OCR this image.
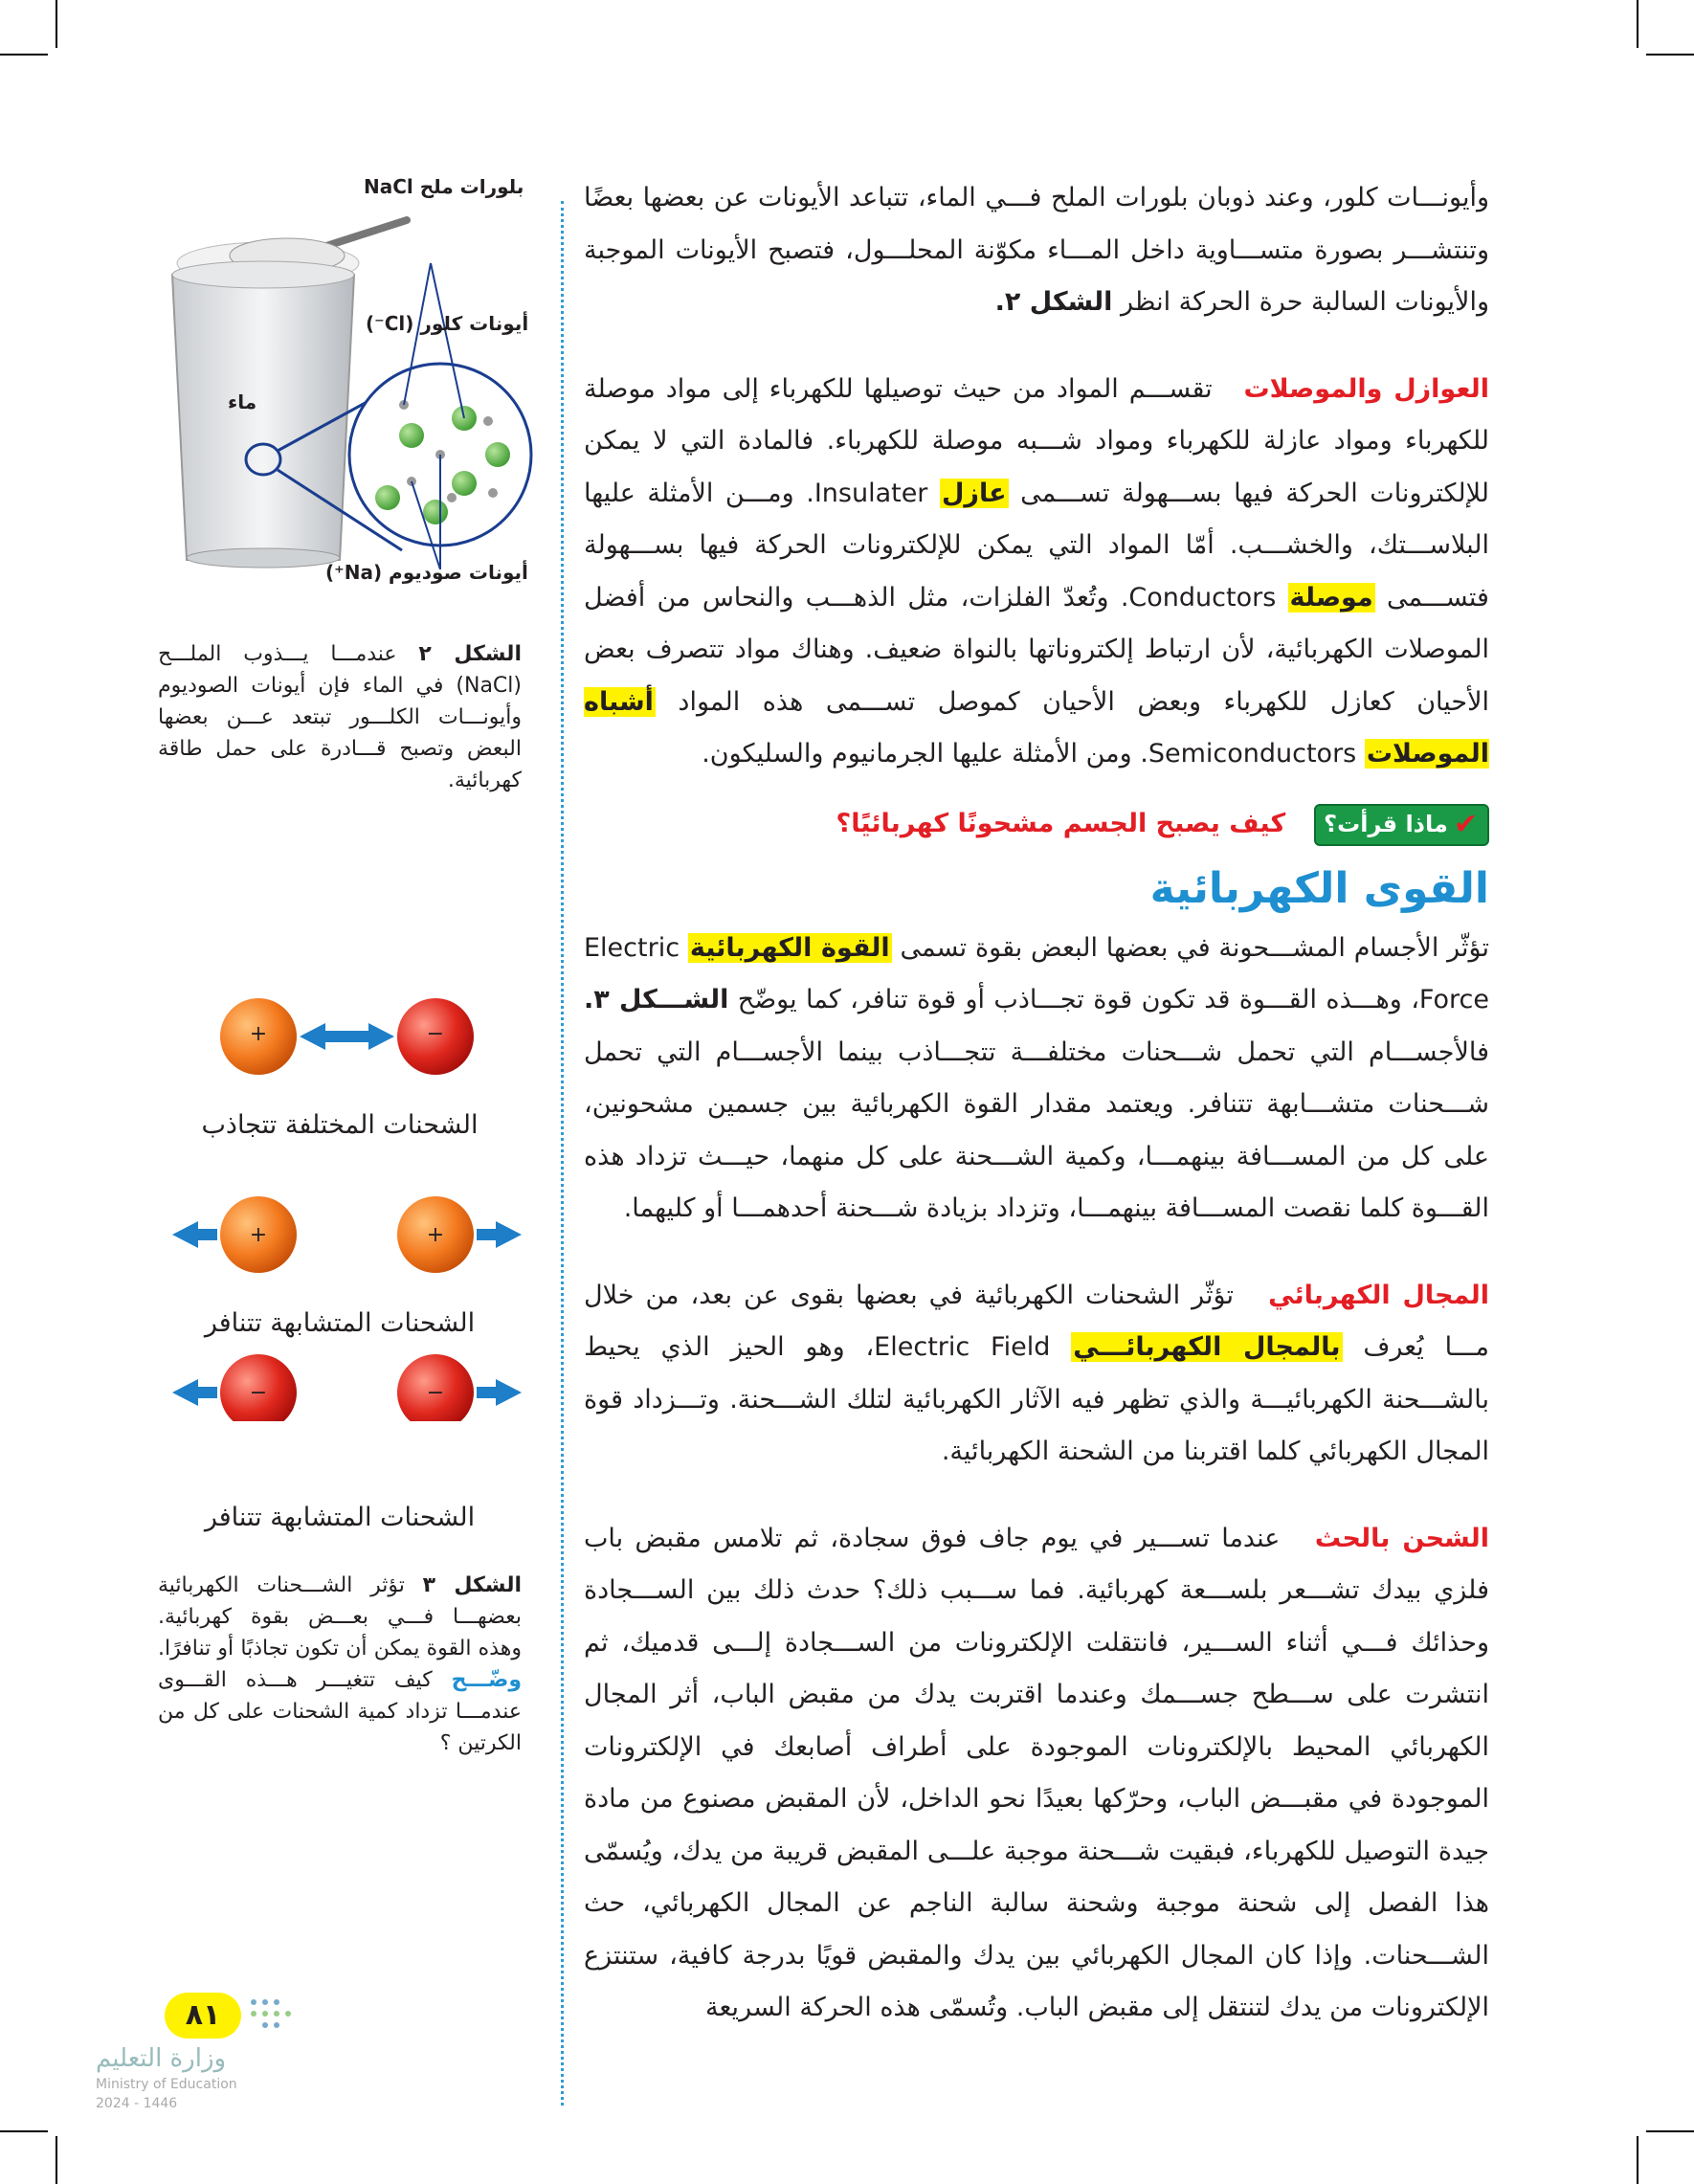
وأيونـــات كلور، وعند ذوبان بلورات الملح فـــي الماء، تتباعد الأيونات عن بعضها بعضًا وتنتشـــر بصورة متســـاوية داخل المـــاء مكوّنة المحلـــول، فتصبح الأيونات الموجبة والأيونات السالبة حرة الحركة انظر الشكل ٢.

العوازل والموصلات   تقســـم المواد من حيث توصيلها للكهرباء إلى مواد موصلة للكهرباء ومواد عازلة للكهرباء ومواد شـــبه موصلة للكهرباء. فالمادة التي لا يمكن للإلكترونات الحركة فيها بســـهولة تســـمى عازل Insulater. ومـــن الأمثلة عليها البلاســـتك، والخشـــب. أمّا المواد التي يمكن للإلكترونات الحركة فيها بســـهولة فتســـمى موصلة Conductors. وتُعدّ الفلزات، مثل الذهـــب والنحاس من أفضل الموصلات الكهربائية، لأن ارتباط إلكتروناتها بالنواة ضعيف. وهناك مواد تتصرف بعض الأحيان كعازل للكهرباء وبعض الأحيان كموصل تســـمى هذه المواد أشباه الموصلات Semiconductors. ومن الأمثلة عليها الجرمانيوم والسليكون.

✔
ماذا قرأت؟
كيف يصبح الجسم مشحونًا كهربائيًا؟
القوى الكهربائية

تؤثّر الأجسام المشـــحونة في بعضها البعض بقوة تسمى القوة الكهربائية Electric Force، وهـــذه القـــوة قد تكون قوة تجـــاذب أو قوة تنافر، كما يوضّح الشـــكل ٣. فالأجســـام التي تحمل شـــحنات مختلفـــة تتجـــاذب بينما الأجســـام التي تحمل شـــحنات متشـــابهة تتنافر. ويعتمد مقدار القوة الكهربائية بين جسمين مشحونين، على كل من المســـافة بينهمـــا، وكمية الشـــحنة على كل منهما، حيـــث تزداد هذه القـــوة كلما نقصت المســـافة بينهمـــا، وتزداد بزيادة شـــحنة أحدهمـــا أو كليهما.

المجال الكهربائي   تؤثّر الشحنات الكهربائية في بعضها بقوى عن بعد، من خلال مـــا يُعرف بالمجال الكهربائـــي Electric Field، وهو الحيز الذي يحيط بالشـــحنة الكهربائيـــة والذي تظهر فيه الآثار الكهربائية لتلك الشـــحنة. وتـــزداد قوة المجال الكهربائي كلما اقتربنا من الشحنة الكهربائية.

الشحن بالحث   عندما تســـير في يوم جاف فوق سجادة، ثم تلامس مقبض باب فلزي بيدك تشـــعر بلســـعة كهربائية. فما ســـبب ذلك؟ حدث ذلك بين الســـجادة وحذائك فـــي أثناء الســـير، فانتقلت الإلكترونات من الســـجادة إلـــى قدميك، ثم انتشرت على ســـطح جســـمك وعندما اقتربت يدك من مقبض الباب، أثر المجال الكهربائي المحيط بالإلكترونات الموجودة على أطراف أصابعك في الإلكترونات الموجودة في مقبـــض الباب، وحرّكها بعيدًا نحو الداخل، لأن المقبض مصنوع من مادة جيدة التوصيل للكهرباء، فبقيت شـــحنة موجبة علـــى المقبض قريبة من يدك، ويُسمّى هذا الفصل إلى شحنة موجبة وشحنة سالبة الناجم عن المجال الكهربائي، حث الشـــحنات. وإذا كان المجال الكهربائي بين يدك والمقبض قويًا بدرجة كافية، ستنتزع الإلكترونات من يدك لتنتقل إلى مقبض الباب. وتُسمّى هذه الحركة السريعة

بلورات ملح NaCl
أيونات كلور (Cl⁻)
ماء
أيونات صوديوم (Na⁺)

الشكل ٢ عندمـــا يـــذوب الملـــح (NaCl) في الماء فإن أيونات الصوديوم وأيونـــات الكلـــور تبتعد عـــن بعضها البعض وتصبح قـــادرة على حمل طاقة كهربائية.

+	−
+	+
−	−
الشحنات المختلفة تتجاذب
الشحنات المتشابهة تتنافر
الشحنات المتشابهة تتنافر

الشكل ٣ تؤثر الشـــحنات الكهربائية بعضهـــا فـــي بعـــض بقوة كهربائية. وهذه القوة يمكن أن تكون تجاذبًا أو تنافرًا. وضّـــح كيف تتغيـــر هـــذه القـــوى عندمـــا تزداد كمية الشحنات على كل من الكرتين ؟

٨١
وزارة التعليم
Ministry of Education
2024 - 1446
